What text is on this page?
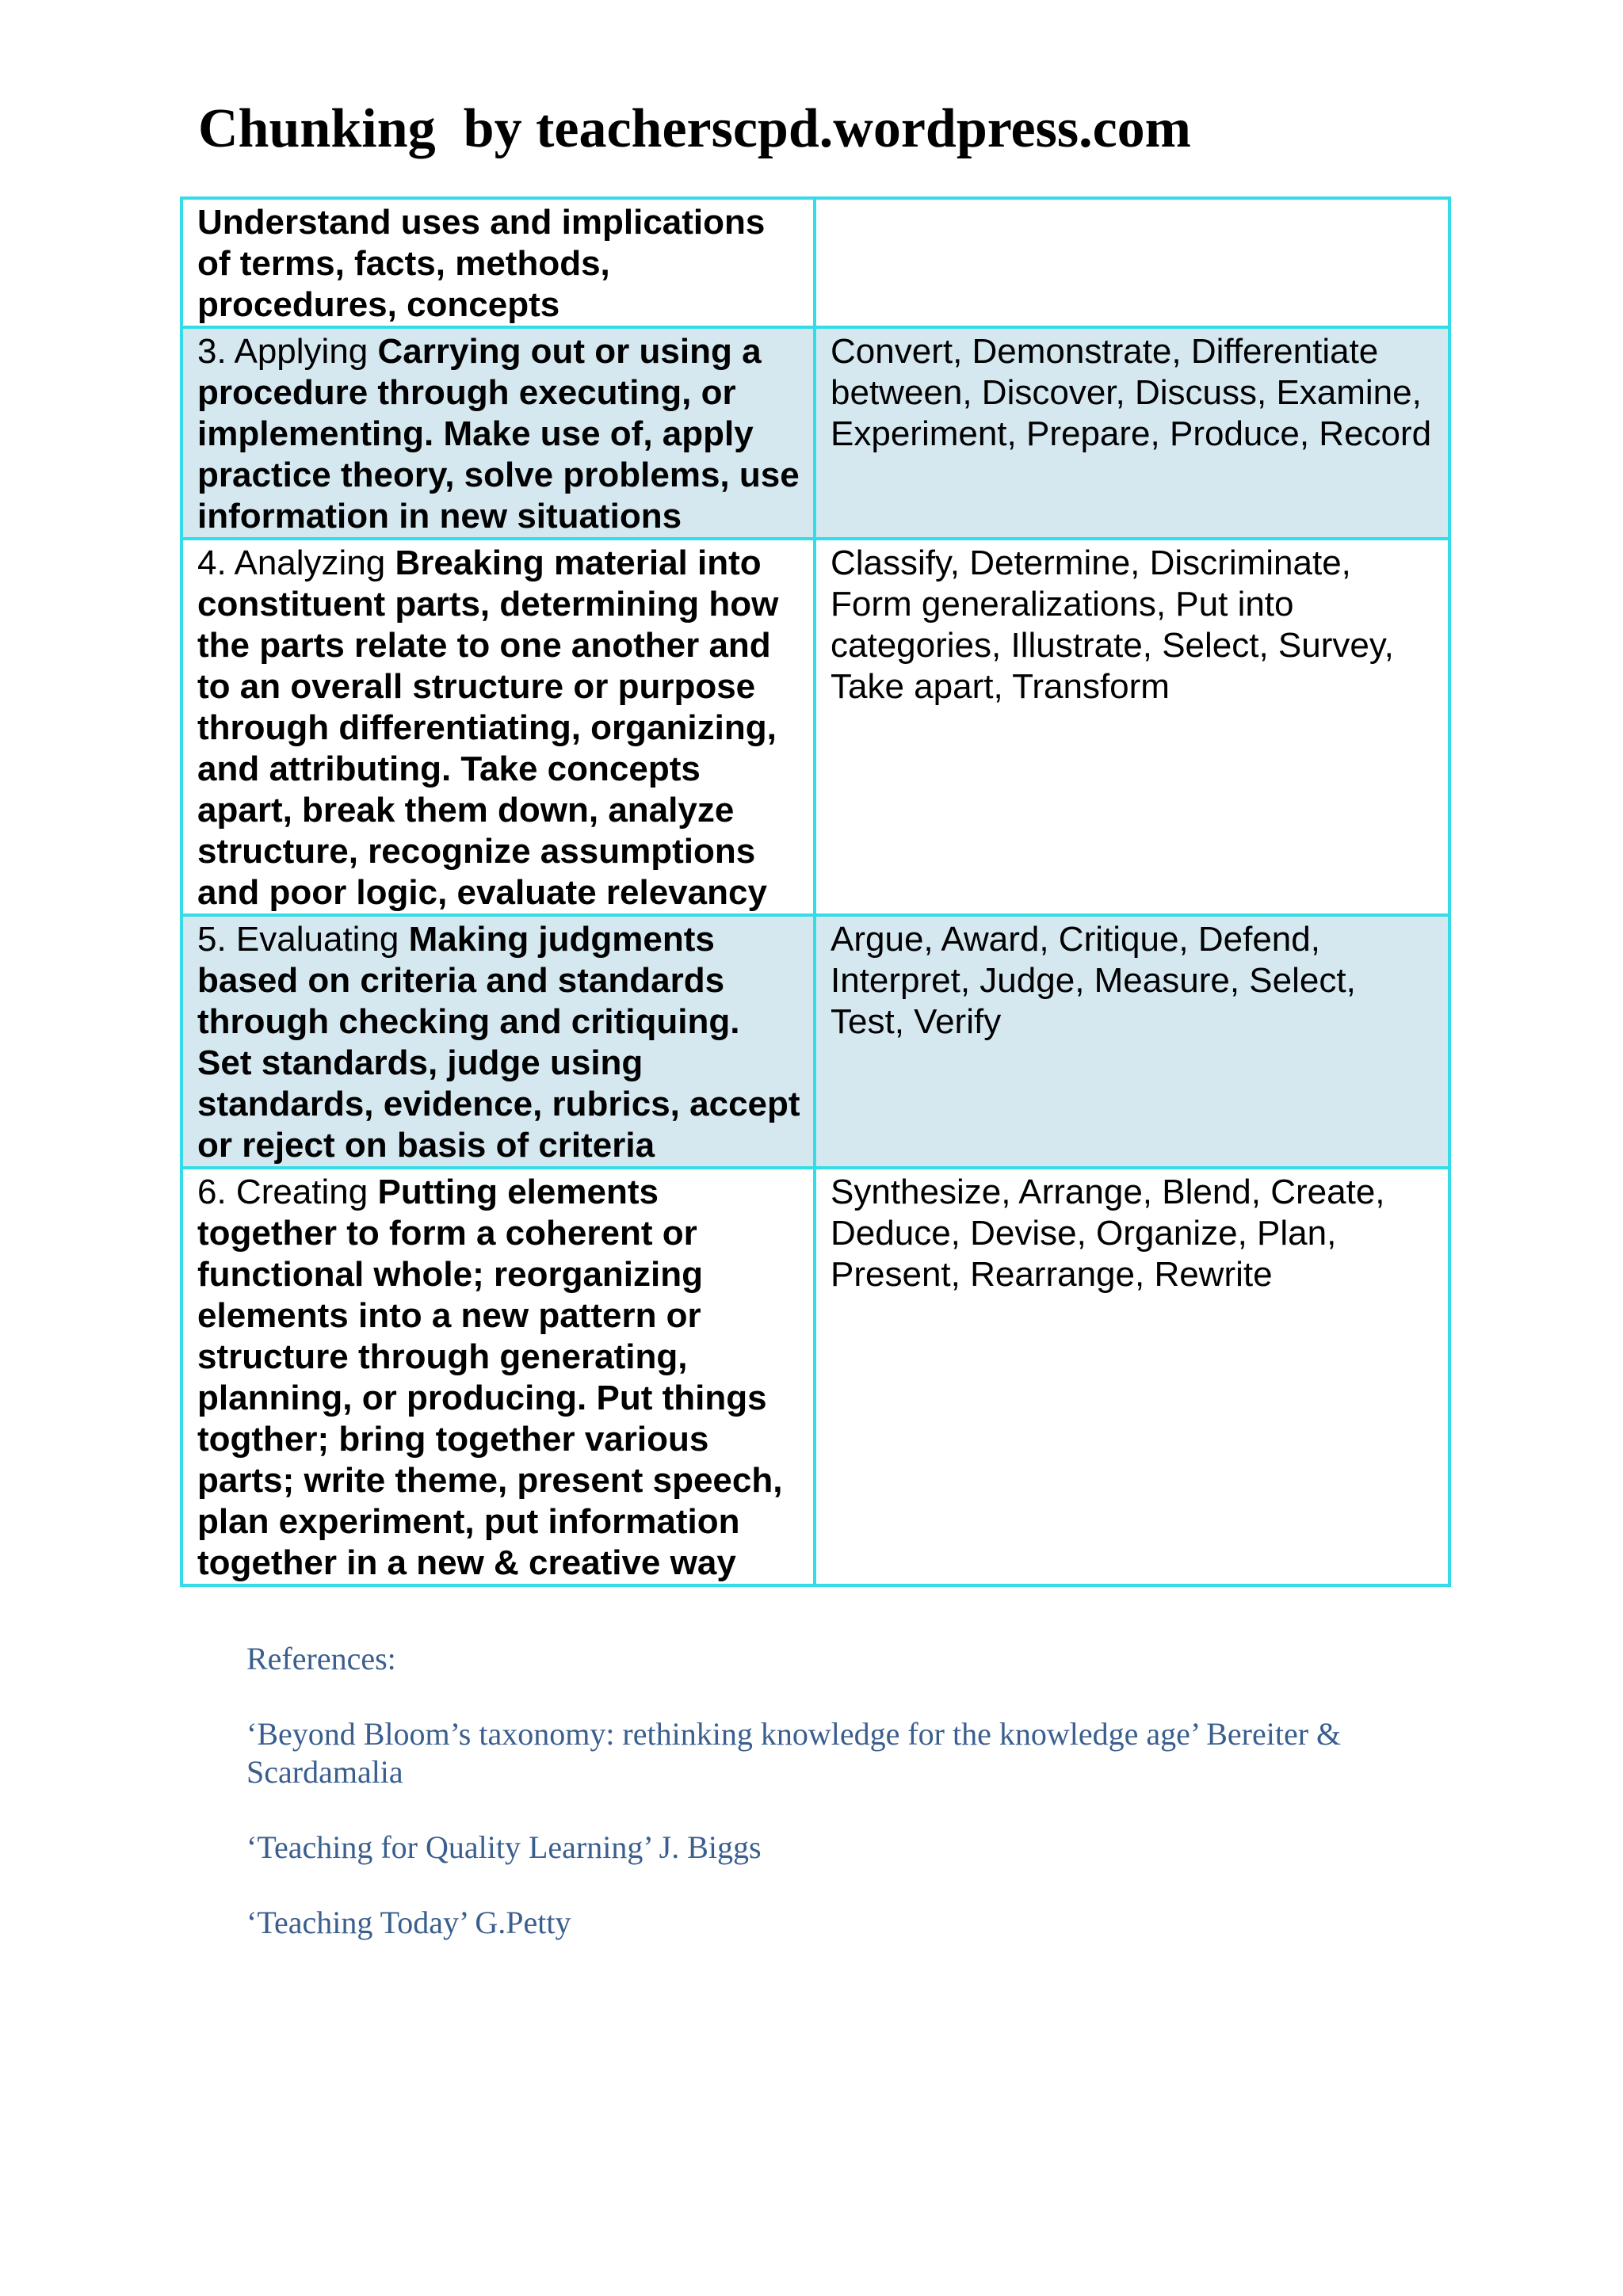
Chunking  by teacherscpd.wordpress.com
Understand uses and implications of terms, facts, methods, procedures, concepts	
3. Applying Carrying out or using a procedure through executing, or implementing. Make use of, apply practice theory, solve problems, use information in new situations	Convert, Demonstrate, Differentiate between, Discover, Discuss, Examine, Experiment, Prepare, Produce, Record
4. Analyzing Breaking material into constituent parts, determining how the parts relate to one another and to an overall structure or purpose through differentiating, organizing, and attributing. Take concepts apart, break them down, analyze structure, recognize assumptions and poor logic, evaluate relevancy	Classify, Determine, Discriminate, Form generalizations, Put into categories, Illustrate, Select, Survey, Take apart, Transform
5. Evaluating Making judgments based on criteria and standards through checking and critiquing. Set standards, judge using standards, evidence, rubrics, accept or reject on basis of criteria	Argue, Award, Critique, Defend, Interpret, Judge, Measure, Select, Test, Verify
6. Creating Putting elements together to form a coherent or functional whole; reorganizing elements into a new pattern or structure through generating, planning, or producing. Put things togther; bring together various parts; write theme, present speech, plan experiment, put information together in a new & creative way	Synthesize, Arrange, Blend, Create, Deduce, Devise, Organize, Plan, Present, Rearrange, Rewrite

References:

‘Beyond Bloom’s taxonomy: rethinking knowledge for the knowledge age’ Bereiter & Scardamalia

‘Teaching for Quality Learning’ J. Biggs

‘Teaching Today’ G.Petty
